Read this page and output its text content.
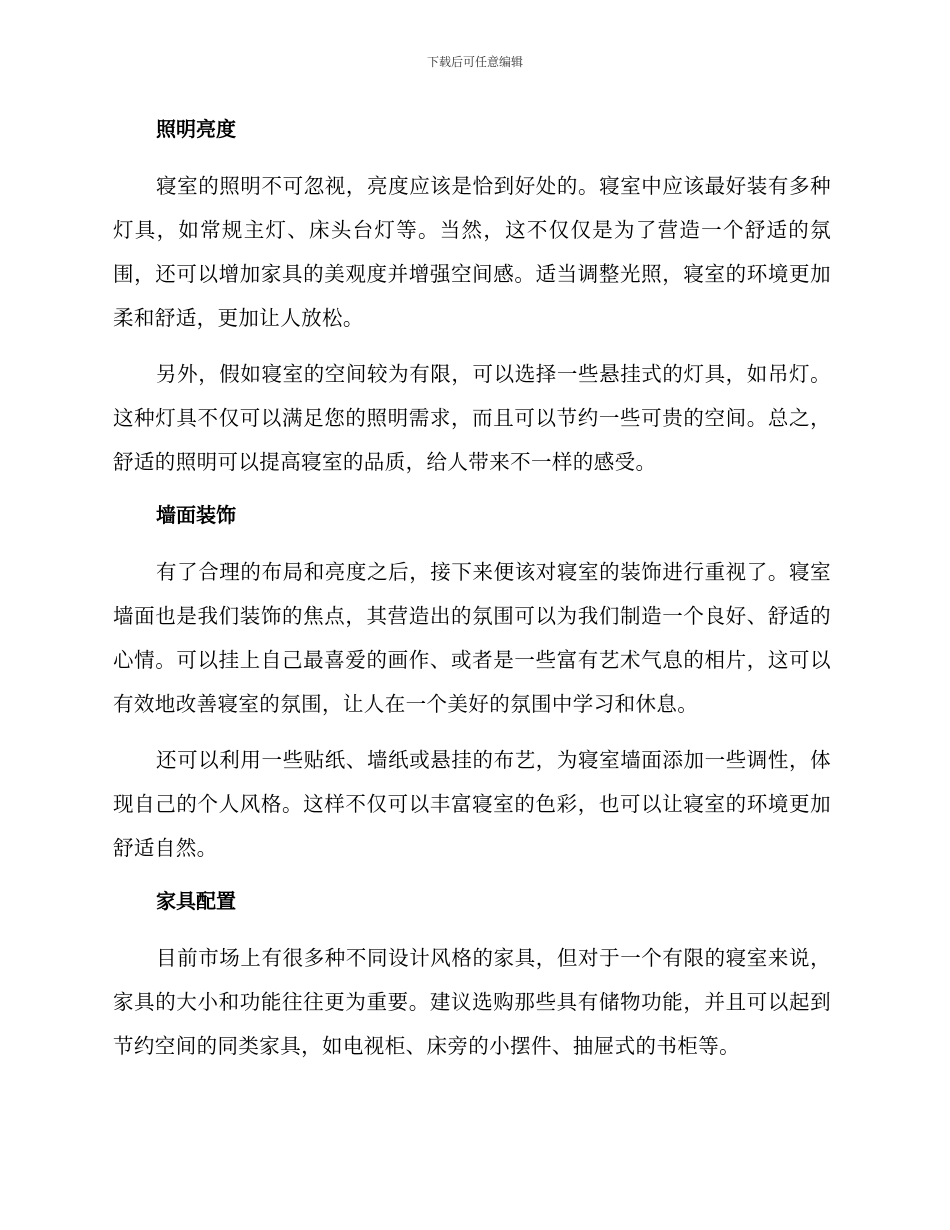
下载后可任意编辑
照明亮度

寝室的照明不可忽视，亮度应该是恰到好处的。寝室中应该最好装有多种灯具，如常规主灯、床头台灯等。当然，这不仅仅是为了营造一个舒适的氛围，还可以增加家具的美观度并增强空间感。适当调整光照，寝室的环境更加柔和舒适，更加让人放松。

另外，假如寝室的空间较为有限，可以选择一些悬挂式的灯具，如吊灯。这种灯具不仅可以满足您的照明需求，而且可以节约一些可贵的空间。总之，舒适的照明可以提高寝室的品质，给人带来不一样的感受。

墙面装饰

有了合理的布局和亮度之后，接下来便该对寝室的装饰进行重视了。寝室墙面也是我们装饰的焦点，其营造出的氛围可以为我们制造一个良好、舒适的心情。可以挂上自己最喜爱的画作、或者是一些富有艺术气息的相片，这可以有效地改善寝室的氛围，让人在一个美好的氛围中学习和休息。

还可以利用一些贴纸、墙纸或悬挂的布艺，为寝室墙面添加一些调性，体现自己的个人风格。这样不仅可以丰富寝室的色彩，也可以让寝室的环境更加舒适自然。

家具配置

目前市场上有很多种不同设计风格的家具，但对于一个有限的寝室来说，家具的大小和功能往往更为重要。建议选购那些具有储物功能，并且可以起到节约空间的同类家具，如电视柜、床旁的小摆件、抽屉式的书柜等。
